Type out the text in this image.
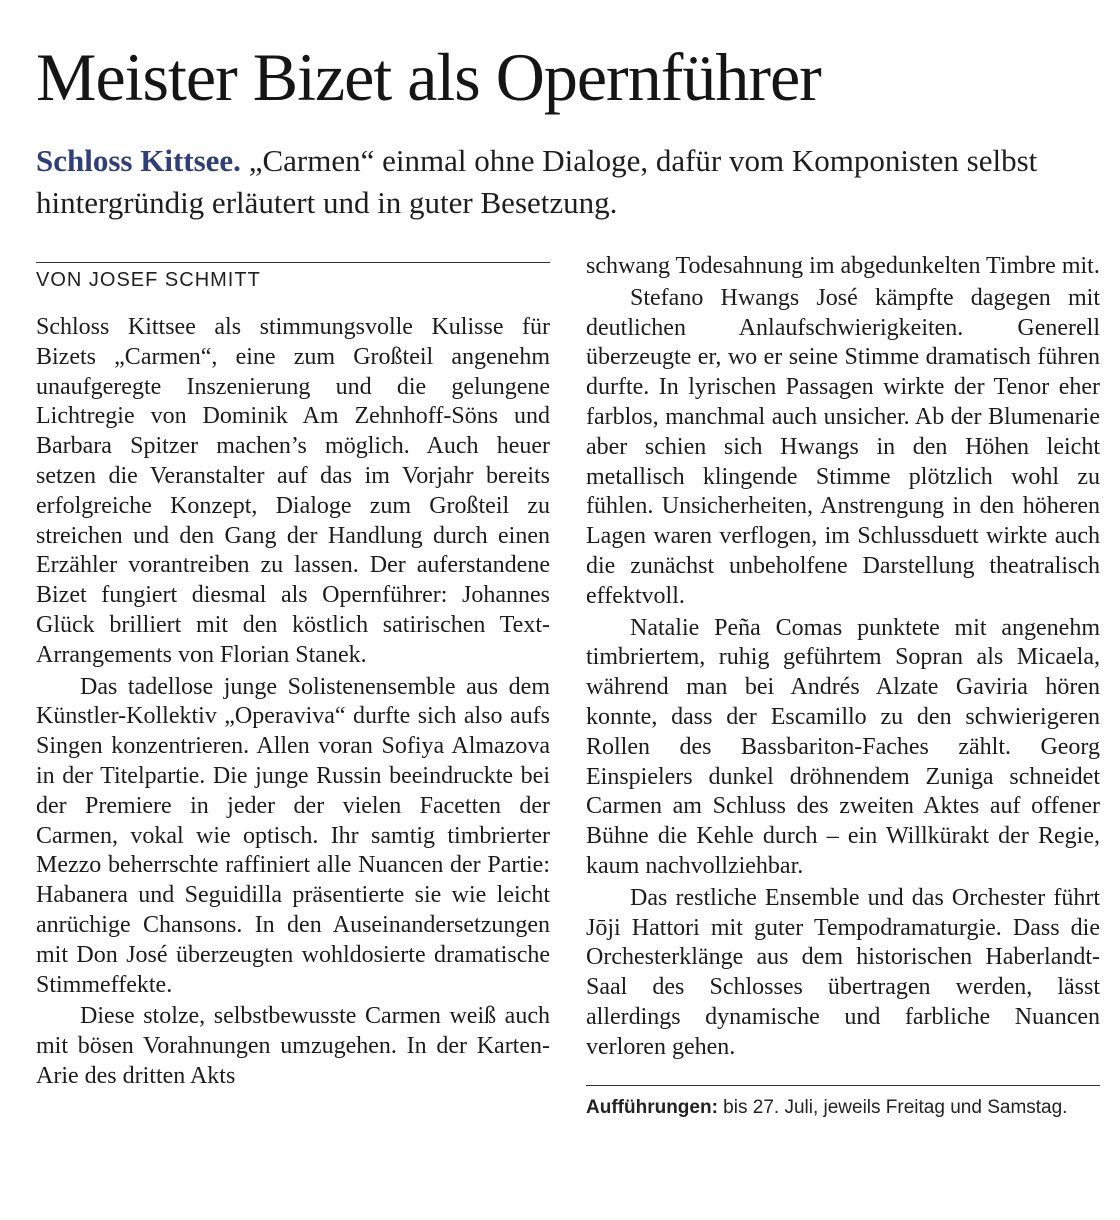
Meister Bizet als Opernführer

Schloss Kittsee. „Carmen“ einmal ohne Dialoge, dafür vom Komponisten selbst hintergründig erläutert und in guter Besetzung.

VON JOSEF SCHMITT

Schloss Kittsee als stimmungsvolle Kulisse für Bizets „Carmen“, eine zum Großteil angenehm unaufgeregte Inszenierung und die gelungene Lichtregie von Dominik Am Zehnhoff-Söns und Barbara Spitzer machen’s möglich. Auch heuer setzen die Veranstalter auf das im Vorjahr bereits erfolgreiche Konzept, Dialoge zum Großteil zu streichen und den Gang der Handlung durch einen Erzähler vorantreiben zu lassen. Der auferstandene Bizet fungiert diesmal als Opernführer: Johannes Glück brilliert mit den köstlich satirischen Text-Arrangements von Florian Stanek.

Das tadellose junge Solistenensemble aus dem Künstler-Kollektiv „Operaviva“ durfte sich also aufs Singen konzentrieren. Allen voran Sofiya Almazova in der Titelpartie. Die junge Russin beeindruckte bei der Premiere in jeder der vielen Facetten der Carmen, vokal wie optisch. Ihr samtig timbrierter Mezzo beherrschte raffiniert alle Nuancen der Partie: Habanera und Seguidilla präsentierte sie wie leicht anrüchige Chansons. In den Auseinandersetzungen mit Don José überzeugten wohldosierte dramatische Stimmeffekte.

Diese stolze, selbstbewusste Carmen weiß auch mit bösen Vorahnungen umzugehen. In der Karten-Arie des dritten Akts

schwang Todesahnung im abgedunkelten Timbre mit.

Stefano Hwangs José kämpfte dagegen mit deutlichen Anlaufschwierigkeiten. Generell überzeugte er, wo er seine Stimme dramatisch führen durfte. In lyrischen Passagen wirkte der Tenor eher farblos, manchmal auch unsicher. Ab der Blumenarie aber schien sich Hwangs in den Höhen leicht metallisch klingende Stimme plötzlich wohl zu fühlen. Unsicherheiten, Anstrengung in den höheren Lagen waren verflogen, im Schlussduett wirkte auch die zunächst unbeholfene Darstellung theatralisch effektvoll.

Natalie Peña Comas punktete mit angenehm timbriertem, ruhig geführtem Sopran als Micaela, während man bei Andrés Alzate Gaviria hören konnte, dass der Escamillo zu den schwierigeren Rollen des Bassbariton-Faches zählt. Georg Einspielers dunkel dröhnendem Zuniga schneidet Carmen am Schluss des zweiten Aktes auf offener Bühne die Kehle durch – ein Willkürakt der Regie, kaum nachvollziehbar.

Das restliche Ensemble und das Orchester führt Jōji Hattori mit guter Tempodramaturgie. Dass die Orchesterklänge aus dem historischen Haberlandt-Saal des Schlosses übertragen werden, lässt allerdings dynamische und farbliche Nuancen verloren gehen.

Aufführungen: bis 27. Juli, jeweils Freitag und Samstag.
